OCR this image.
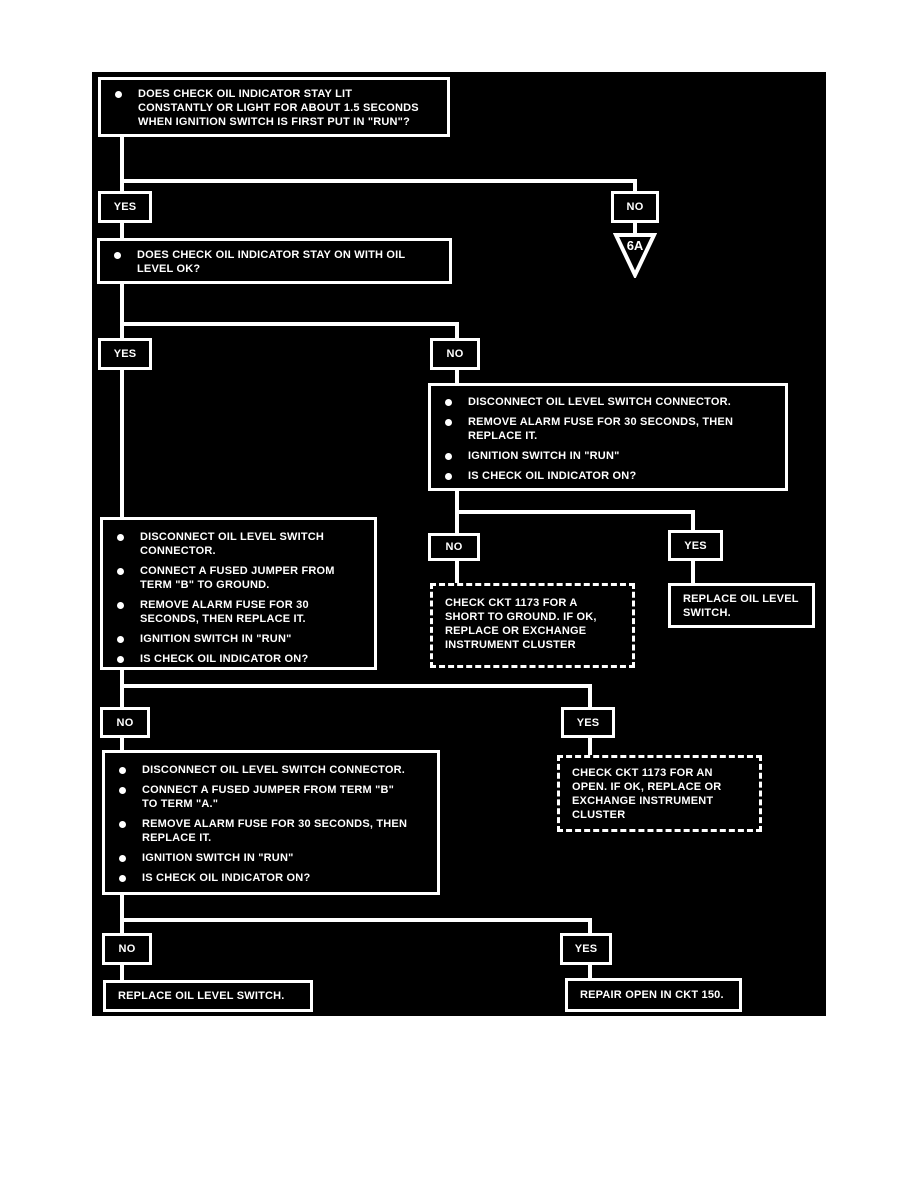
DOES CHECK OIL INDICATOR STAY LIT
CONSTANTLY OR LIGHT FOR ABOUT 1.5 SECONDS
WHEN IGNITION SWITCH IS FIRST PUT IN "RUN"?
YES	NO
6A
DOES CHECK OIL INDICATOR STAY ON WITH OIL
LEVEL OK?
YES	NO
DISCONNECT OIL LEVEL SWITCH CONNECTOR.
REMOVE ALARM FUSE FOR 30 SECONDS, THEN
REPLACE IT.
IGNITION SWITCH IN "RUN"
IS CHECK OIL INDICATOR ON?
NO	YES
CHECK CKT 1173 FOR A
SHORT TO GROUND. IF OK,
REPLACE OR EXCHANGE
INSTRUMENT CLUSTER
REPLACE OIL LEVEL
SWITCH.
DISCONNECT OIL LEVEL SWITCH
CONNECTOR.
CONNECT A FUSED JUMPER FROM
TERM "B" TO GROUND.
REMOVE ALARM FUSE FOR 30
SECONDS, THEN REPLACE IT.
IGNITION SWITCH IN "RUN"
IS CHECK OIL INDICATOR ON?
NO	YES
DISCONNECT OIL LEVEL SWITCH CONNECTOR.
CONNECT A FUSED JUMPER FROM TERM "B"
TO TERM "A."
REMOVE ALARM FUSE FOR 30 SECONDS, THEN
REPLACE IT.
IGNITION SWITCH IN "RUN"
IS CHECK OIL INDICATOR ON?
CHECK CKT 1173 FOR AN
OPEN. IF OK, REPLACE OR
EXCHANGE INSTRUMENT
CLUSTER
NO	YES
REPLACE OIL LEVEL SWITCH.	REPAIR OPEN IN CKT 150.
